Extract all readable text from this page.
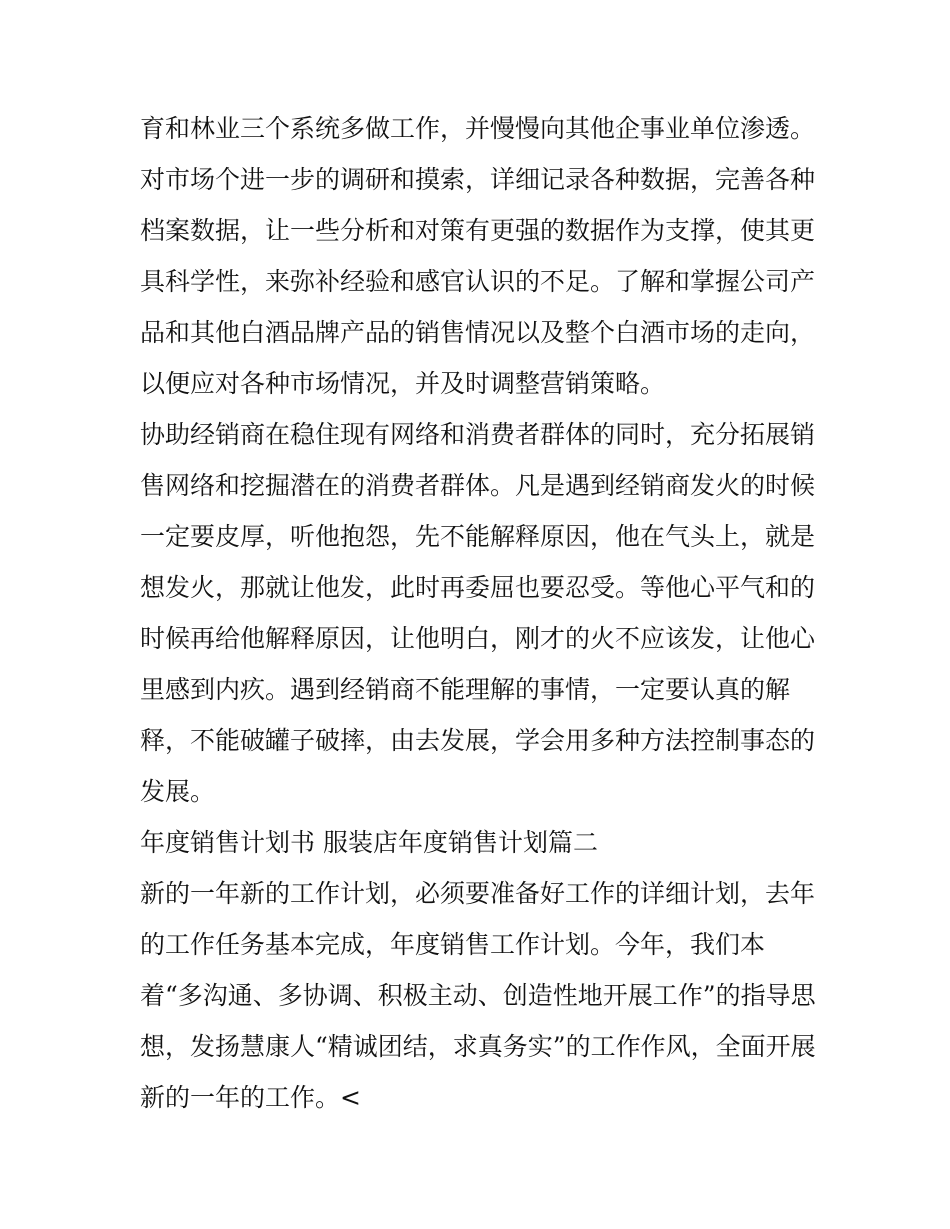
育和林业三个系统多做工作，并慢慢向其他企事业单位渗透。
对市场个进一步的调研和摸索，详细记录各种数据，完善各种
档案数据，让一些分析和对策有更强的数据作为支撑，使其更
具科学性，来弥补经验和感官认识的不足。了解和掌握公司产
品和其他白酒品牌产品的销售情况以及整个白酒市场的走向，
以便应对各种市场情况，并及时调整营销策略。
协助经销商在稳住现有网络和消费者群体的同时，充分拓展销
售网络和挖掘潜在的消费者群体。凡是遇到经销商发火的时候
一定要皮厚，听他抱怨，先不能解释原因，他在气头上，就是
想发火，那就让他发，此时再委屈也要忍受。等他心平气和的
时候再给他解释原因，让他明白，刚才的火不应该发，让他心
里感到内疚。遇到经销商不能理解的事情，一定要认真的解
释，不能破罐子破摔，由去发展，学会用多种方法控制事态的
发展。
年度销售计划书 服装店年度销售计划篇二
新的一年新的工作计划，必须要准备好工作的详细计划，去年
的工作任务基本完成，年度销售工作计划。今年，我们本
着“多沟通、多协调、积极主动、创造性地开展工作”的指导思
想，发扬慧康人“精诚团结，求真务实”的工作作风，全面开展
新的一年的工作。<
